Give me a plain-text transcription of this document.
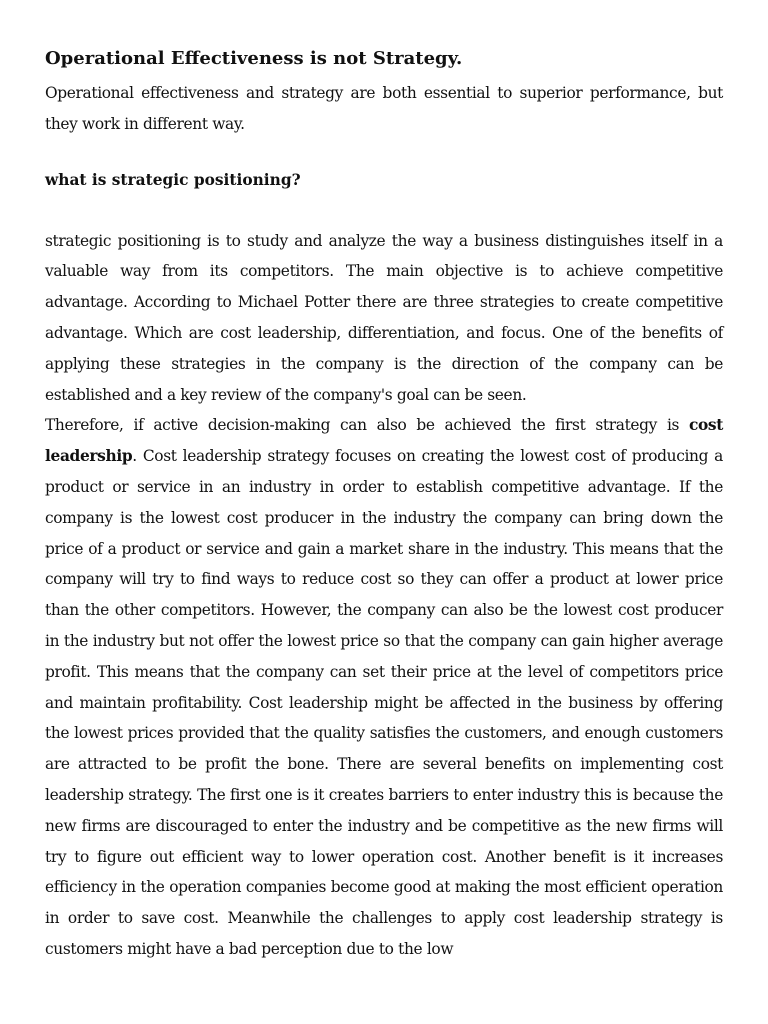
Operational Effectiveness is not Strategy.

Operational effectiveness and strategy are both essential to superior performance, but they work in different way.

what is strategic positioning?

strategic positioning is to study and analyze the way a business distinguishes itself in a valuable way from its competitors. The main objective is to achieve competitive advantage. According to Michael Potter there are three strategies to create competitive advantage. Which are cost leadership, differentiation, and focus. One of the benefits of applying these strategies in the company is the direction of the company can be established and a key review of the company's goal can be seen.

Therefore, if active decision-making can also be achieved the first strategy is cost leadership. Cost leadership strategy focuses on creating the lowest cost of producing a product or service in an industry in order to establish competitive advantage. If the company is the lowest cost producer in the industry the company can bring down the price of a product or service and gain a market share in the industry. This means that the company will try to find ways to reduce cost so they can offer a product at lower price than the other competitors. However, the company can also be the lowest cost producer in the industry but not offer the lowest price so that the company can gain higher average profit. This means that the company can set their price at the level of competitors price and maintain profitability. Cost leadership might be affected in the business by offering the lowest prices provided that the quality satisfies the customers, and enough customers are attracted to be profit the bone. There are several benefits on implementing cost leadership strategy. The first one is it creates barriers to enter industry this is because the new firms are discouraged to enter the industry and be competitive as the new firms will try to figure out efficient way to lower operation cost. Another benefit is it increases efficiency in the operation companies become good at making the most efficient operation in order to save cost. Meanwhile the challenges to apply cost leadership strategy is customers might have a bad perception due to the low
